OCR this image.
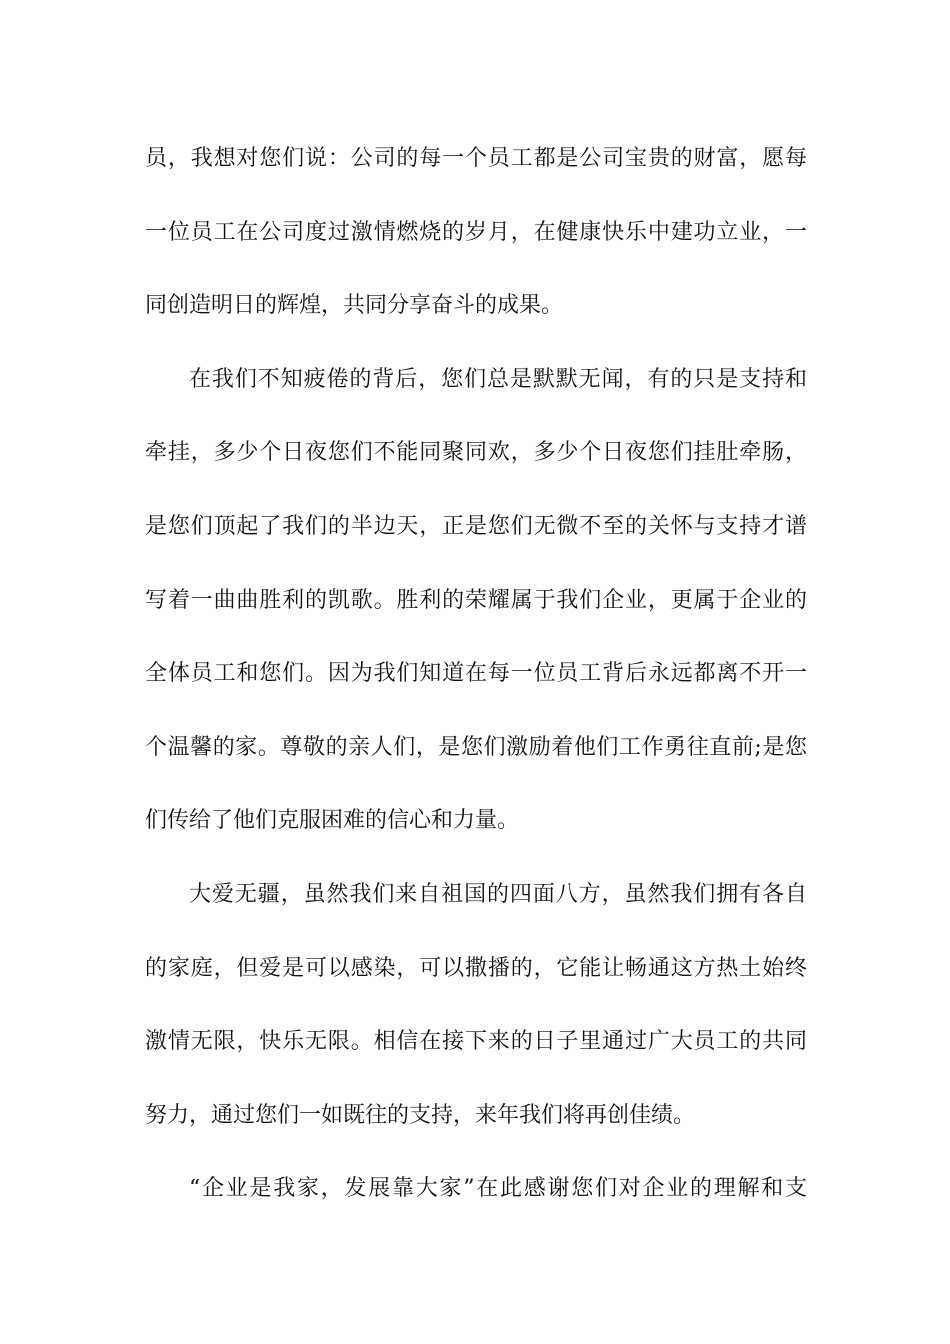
员，我想对您们说：公司的每一个员工都是公司宝贵的财富，愿每
一位员工在公司度过激情燃烧的岁月，在健康快乐中建功立业，一
同创造明日的辉煌，共同分享奋斗的成果。
在我们不知疲倦的背后，您们总是默默无闻，有的只是支持和
牵挂，多少个日夜您们不能同聚同欢，多少个日夜您们挂肚牵肠，
是您们顶起了我们的半边天，正是您们无微不至的关怀与支持才谱
写着一曲曲胜利的凯歌。胜利的荣耀属于我们企业，更属于企业的
全体员工和您们。因为我们知道在每一位员工背后永远都离不开一
个温馨的家。尊敬的亲人们，是您们激励着他们工作勇往直前;是您
们传给了他们克服困难的信心和力量。
大爱无疆，虽然我们来自祖国的四面八方，虽然我们拥有各自
的家庭，但爱是可以感染，可以撒播的，它能让畅通这方热土始终
激情无限，快乐无限。相信在接下来的日子里通过广大员工的共同
努力，通过您们一如既往的支持，来年我们将再创佳绩。
“企业是我家，发展靠大家”在此感谢您们对企业的理解和支
